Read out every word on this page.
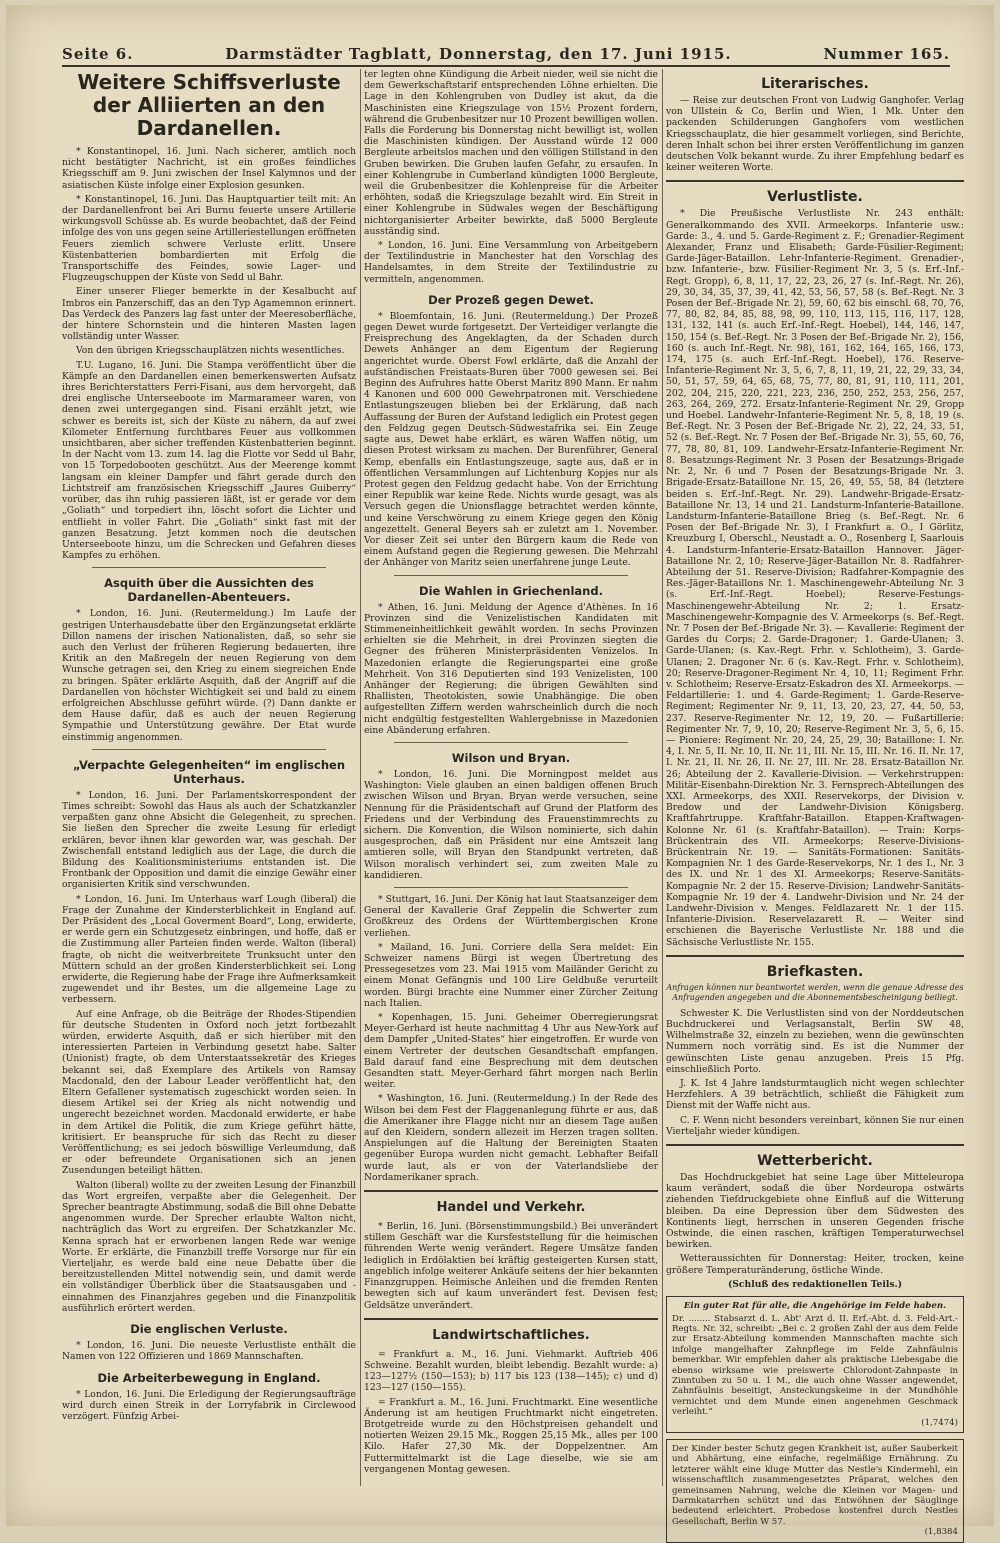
Seite 6.	Darmstädter Tagblatt, Donnerstag, den 17. Juni 1915.	Nummer 165.
Weitere Schiffsverluste der Alliierten an den Dardanellen.

* Konstantinopel, 16. Juni. Nach sicherer, amtlich noch nicht bestätigter Nachricht, ist ein großes feindliches Kriegsschiff am 9. Juni zwischen der Insel Kalymnos und der asiatischen Küste infolge einer Explosion gesunken.

* Konstantinopel, 16. Juni. Das Hauptquartier teilt mit: An der Dardanellenfront bei Ari Burnu feuerte unsere Artillerie wirkungsvoll Schüsse ab. Es wurde beobachtet, daß der Feind infolge des von uns gegen seine Artilleriestellungen eröffneten Feuers ziemlich schwere Verluste erlitt. Unsere Küstenbatterien bombardierten mit Erfolg die Transportschiffe des Feindes, sowie Lager- und Flugzeugschuppen der Küste von Sedd ul Bahr.

Einer unserer Flieger bemerkte in der Kesalbucht auf Imbros ein Panzerschiff, das an den Typ Agamemnon erinnert. Das Verdeck des Panzers lag fast unter der Meeresoberfläche, der hintere Schornstein und die hinteren Masten lagen vollständig unter Wasser.

Von den übrigen Kriegsschauplätzen nichts wesentliches.

T.U. Lugano, 16. Juni. Die Stampa veröffentlicht über die Kämpfe an den Dardanellen einen bemerkenswerten Aufsatz ihres Berichterstatters Ferri-Fisani, aus dem hervorgeht, daß drei englische Unterseeboote im Marmarameer waren, von denen zwei untergegangen sind. Fisani erzählt jetzt, wie schwer es bereits ist, sich der Küste zu nähern, da auf zwei Kilometer Entfernung furchtbares Feuer aus vollkommen unsichtbaren, aber sicher treffenden Küstenbatterien beginnt. In der Nacht vom 13. zum 14. lag die Flotte vor Sedd ul Bahr, von 15 Torpedobooten geschützt. Aus der Meerenge kommt langsam ein kleiner Dampfer und fährt gerade durch den Lichtstreif am französischen Kriegsschiff „Jaures Guiberry“ vorüber, das ihn ruhig passieren läßt, ist er gerade vor dem „Goliath“ und torpediert ihn, löscht sofort die Lichter und entflieht in voller Fahrt. Die „Goliath“ sinkt fast mit der ganzen Besatzung. Jetzt kommen noch die deutschen Unterseeboote hinzu, um die Schrecken und Gefahren dieses Kampfes zu erhöhen.

Asquith über die Aussichten des Dardanellen-Abenteuers.

* London, 16. Juni. (Reutermeldung.) Im Laufe der gestrigen Unterhausdebatte über den Ergänzungsetat erklärte Dillon namens der irischen Nationalisten, daß, so sehr sie auch den Verlust der früheren Regierung bedauerten, ihre Kritik an den Maßregeln der neuen Regierung von dem Wunsche getragen sei, den Krieg zu einem siegreichen Ende zu bringen. Später erklärte Asquith, daß der Angriff auf die Dardanellen von höchster Wichtigkeit sei und bald zu einem erfolgreichen Abschlusse geführt würde. (?) Dann dankte er dem Hause dafür, daß es auch der neuen Regierung Sympathie und Unterstützung gewähre. Der Etat wurde einstimmig angenommen.

„Verpachte Gelegenheiten“ im englischen Unterhaus.

* London, 16. Juni. Der Parlamentskorrespondent der Times schreibt: Sowohl das Haus als auch der Schatzkanzler verpaßten ganz ohne Absicht die Gelegenheit, zu sprechen. Sie ließen den Sprecher die zweite Lesung für erledigt erklären, bevor ihnen klar geworden war, was geschah. Der Zwischenfall entstand lediglich aus der Lage, die durch die Bildung des Koalitionsministeriums entstanden ist. Die Frontbank der Opposition und damit die einzige Gewähr einer organisierten Kritik sind verschwunden.

* London, 16. Juni. Im Unterhaus warf Lough (liberal) die Frage der Zunahme der Kindersterblichkeit in England auf. Der Präsident des „Local Goverment Board“, Long, erwiderte, er werde gern ein Schutzgesetz einbringen, und hoffe, daß er die Zustimmung aller Parteien finden werde. Walton (liberal) fragte, ob nicht die weitverbreitete Trunksucht unter den Müttern schuld an der großen Kindersterblichkeit sei. Long erwiderte, die Regierung habe der Frage ihre Aufmerksamkeit zugewendet und ihr Bestes, um die allgemeine Lage zu verbessern.

Auf eine Anfrage, ob die Beiträge der Rhodes-Stipendien für deutsche Studenten in Oxford noch jetzt fortbezahlt würden, erwiderte Asquith, daß er sich hierüber mit den interessierten Parteien in Verbindung gesetzt habe. Salter (Unionist) fragte, ob dem Unterstaatssekretär des Krieges bekannt sei, daß Exemplare des Artikels von Ramsay Macdonald, den der Labour Leader veröffentlicht hat, den Eltern Gefallener systematisch zugeschickt worden seien. In diesem Artikel sei der Krieg als nicht notwendig und ungerecht bezeichnet worden. Macdonald erwiderte, er habe in dem Artikel die Politik, die zum Kriege geführt hätte, kritisiert. Er beanspruche für sich das Recht zu dieser Veröffentlichung; es sei jedoch böswillige Verleumdung, daß er oder befreundete Organisationen sich an jenen Zusendungen beteiligt hätten.

Walton (liberal) wollte zu der zweiten Lesung der Finanzbill das Wort ergreifen, verpaßte aber die Gelegenheit. Der Sprecher beantragte Abstimmung, sodaß die Bill ohne Debatte angenommen wurde. Der Sprecher erlaubte Walton nicht, nachträglich das Wort zu ergreifen. Der Schatzkanzler Mc. Kenna sprach hat er erworbenen langen Rede war wenige Worte. Er erklärte, die Finanzbill treffe Vorsorge nur für ein Vierteljahr, es werde bald eine neue Debatte über die bereitzustellenden Mittel notwendig sein, und damit werde ein vollständiger Überblick über die Staatsausgaben und -einnahmen des Finanzjahres gegeben und die Finanzpolitik ausführlich erörtert werden.

Die englischen Verluste.

* London, 16. Juni. Die neueste Verlustliste enthält die Namen von 122 Offizieren und 1869 Mannschaften.

Die Arbeiterbewegung in England.

* London, 16. Juni. Die Erledigung der Regierungsaufträge wird durch einen Streik in der Lorryfabrik in Circlewood verzögert. Fünfzig Arbei-

ter legten ohne Kündigung die Arbeit nieder, weil sie nicht die dem Gewerkschaftstarif entsprechenden Löhne erhielten. Die Lage in den Kohlengruben von Dudley ist akut, da die Maschinisten eine Kriegszulage von 15½ Prozent fordern, während die Grubenbesitzer nur 10 Prozent bewilligen wollen. Falls die Forderung bis Donnerstag nicht bewilligt ist, wollen die Maschinisten kündigen. Der Ausstand würde 12 000 Bergleute arbeitslos machen und den völligen Stillstand in den Gruben bewirken. Die Gruben laufen Gefahr, zu ersaufen. In einer Kohlengrube in Cumberland kündigten 1000 Bergleute, weil die Grubenbesitzer die Kohlenpreise für die Arbeiter erhöhten, sodaß die Kriegszulage bezahlt wird. Ein Streit in einer Kohlengrube in Südwales wegen der Beschäftigung nichtorganisierter Arbeiter bewirkte, daß 5000 Bergleute ausständig sind.

* London, 16. Juni. Eine Versammlung von Arbeitgebern der Textilindustrie in Manchester hat den Vorschlag des Handelsamtes, in dem Streite der Textilindustrie zu vermitteln, angenommen.

Der Prozeß gegen Dewet.

* Bloemfontain, 16. Juni. (Reutermeldung.) Der Prozeß gegen Dewet wurde fortgesetzt. Der Verteidiger verlangte die Freisprechung des Angeklagten, da der Schaden durch Dewets Anhänger an dem Eigentum der Regierung angerichtet wurde. Oberst Fowl erklärte, daß die Anzahl der aufständischen Freistaats-Buren über 7000 gewesen sei. Bei Beginn des Aufruhres hatte Oberst Maritz 890 Mann. Er nahm 4 Kanonen und 600 000 Gewehrpatronen mit. Verschiedene Entlastungszeugen blieben bei der Erklärung, daß nach Auffassung der Buren der Aufstand lediglich ein Protest gegen den Feldzug gegen Deutsch-Südwestafrika sei. Ein Zeuge sagte aus, Dewet habe erklärt, es wären Waffen nötig, um diesen Protest wirksam zu machen. Der Burenführer, General Kemp, ebenfalls ein Entlastungszeuge, sagte aus, daß er in öffentlichen Versammlungen auf Lichtenburg Kopjes nur als Protest gegen den Feldzug gedacht habe. Von der Errichtung einer Republik war keine Rede. Nichts wurde gesagt, was als Versuch gegen die Unionsflagge betrachtet werden könnte, und keine Verschwörung zu einem Kriege gegen den König angezettelt. General Beyers sah er zuletzt am 1. November. Vor dieser Zeit sei unter den Bürgern kaum die Rede von einem Aufstand gegen die Regierung gewesen. Die Mehrzahl der Anhänger von Maritz seien unerfahrene junge Leute.

Die Wahlen in Griechenland.

* Athen, 16. Juni. Meldung der Agence d'Athènes. In 16 Provinzen sind die Venizelistischen Kandidaten mit Stimmeneinheitlichkeit gewählt worden. In sechs Provinzen erhielten sie die Mehrheit, in drei Provinzen siegten die Gegner des früheren Ministerpräsidenten Venizelos. In Mazedonien erlangte die Regierungspartei eine große Mehrheit. Von 316 Deputierten sind 193 Venizelisten, 100 Anhänger der Regierung; die übrigen Gewählten sind Rhallisten, Theotokisten, sowie Unabhängige. Die oben aufgestellten Ziffern werden wahrscheinlich durch die noch nicht endgültig festgestellten Wahlergebnisse in Mazedonien eine Abänderung erfahren.

Wilson und Bryan.

* London, 16. Juni. Die Morningpost meldet aus Washington: Viele glauben an einen baldigen offenen Bruch zwischen Wilson und Bryan. Bryan werde versuchen, seine Nennung für die Präsidentschaft auf Grund der Platform des Friedens und der Verbindung des Frauenstimmrechts zu sichern. Die Konvention, die Wilson nominierte, sich dahin ausgesprochen, daß ein Präsident nur eine Amtszeit lang amtieren solle, will Bryan den Standpunkt vertreten, daß Wilson moralisch verhindert sei, zum zweiten Male zu kandidieren.

* Stuttgart, 16. Juni. Der König hat laut Staatsanzeiger dem General der Kavallerie Graf Zeppelin die Schwerter zum Großkreuz des Ordens der Württembergischen Krone verliehen.

* Mailand, 16. Juni. Corriere della Sera meldet: Ein Schweizer namens Bürgi ist wegen Übertretung des Pressegesetzes vom 23. Mai 1915 vom Mailänder Gericht zu einem Monat Gefängnis und 100 Lire Geldbuße verurteilt worden. Bürgi brachte eine Nummer einer Zürcher Zeitung nach Italien.

* Kopenhagen, 15. Juni. Geheimer Oberregierungsrat Meyer-Gerhard ist heute nachmittag 4 Uhr aus New-York auf dem Dampfer „United-States“ hier eingetroffen. Er wurde von einem Vertreter der deutschen Gesandtschaft empfangen. Bald darauf fand eine Besprechung mit dem deutschen Gesandten statt. Meyer-Gerhard fährt morgen nach Berlin weiter.

* Washington, 16. Juni. (Reutermeldung.) In der Rede des Wilson bei dem Fest der Flaggenanlegung führte er aus, daß die Amerikaner ihre Flagge nicht nur an diesem Tage außen auf den Kleidern, sondern allezeit im Herzen tragen sollten. Anspielungen auf die Haltung der Bereinigten Staaten gegenüber Europa wurden nicht gemacht. Lebhafter Beifall wurde laut, als er von der Vaterlandsliebe der Nordamerikaner sprach.

Handel und Verkehr.

* Berlin, 16. Juni. (Börsenstimmungsbild.) Bei unverändert stillem Geschäft war die Kursfeststellung für die heimischen führenden Werte wenig verändert. Regere Umsätze fanden lediglich in Erdölaktien bei kräftig gesteigerten Kursen statt, angeblich infolge weiterer Ankäufe seitens der hier bekannten Finanzgruppen. Heimische Anleihen und die fremden Renten bewegten sich auf kaum unverändert fest. Devisen fest; Geldsätze unverändert.

Landwirtschaftliches.

= Frankfurt a. M., 16. Juni. Viehmarkt. Auftrieb 406 Schweine. Bezahlt wurden, bleibt lebendig. Bezahlt wurde: a) 123—127½ (150—153); b) 117 bis 123 (138—145); c) und d) 123—127 (150—155).

= Frankfurt a. M., 16. Juni. Fruchtmarkt. Eine wesentliche Änderung ist am heutigen Fruchtmarkt nicht eingetreten. Brotgetreide wurde zu den Höchstpreisen gehandelt und notierten Weizen 29.15 Mk., Roggen 25,15 Mk., alles per 100 Kilo. Hafer 27,30 Mk. der Doppelzentner. Am Futtermittelmarkt ist die Lage dieselbe, wie sie am vergangenen Montag gewesen.

Literarisches.

— Reise zur deutschen Front von Ludwig Ganghofer. Verlag von Ullstein & Co, Berlin und Wien, 1 Mk. Unter den packenden Schilderungen Ganghofers vom westlichen Kriegsschauplatz, die hier gesammelt vorliegen, sind Berichte, deren Inhalt schon bei ihrer ersten Veröffentlichung im ganzen deutschen Volk bekannt wurde. Zu ihrer Empfehlung bedarf es keiner weiteren Worte.

Verlustliste.

* Die Preußische Verlustliste Nr. 243 enthält: Generalkommando des XVII. Armeekorps. Infanterie usw.: Garde: 3., 4. und 5. Garde-Regiment z. F.; Grenadier-Regiment Alexander, Franz und Elisabeth; Garde-Füsilier-Regiment; Garde-Jäger-Bataillon. Lehr-Infanterie-Regiment. Grenadier-, bzw. Infanterie-, bzw. Füsilier-Regiment Nr. 3, 5 (s. Erf.-Inf.-Regt. Gropp), 6, 8, 11, 17, 22, 23, 26, 27 (s. Inf.-Regt. Nr. 26), 29, 30, 34, 35, 37, 39, 41, 42, 53, 56, 57, 58 (s. Bef.-Regt. Nr. 3 Posen der Bef.-Brigade Nr. 2), 59, 60, 62 bis einschl. 68, 70, 76, 77, 80, 82, 84, 85, 88, 98, 99, 110, 113, 115, 116, 117, 128, 131, 132, 141 (s. auch Erf.-Inf.-Regt. Hoebel), 144, 146, 147, 150, 154 (s. Bef.-Regt. Nr. 3 Posen der Bef.-Brigade Nr. 2), 156, 160 (s. auch Inf.-Regt. Nr. 98), 161, 162, 164, 165, 166, 173, 174, 175 (s. auch Erf.-Inf.-Regt. Hoebel), 176. Reserve-Infanterie-Regiment Nr. 3, 5, 6, 7, 8, 11, 19, 21, 22, 29, 33, 34, 50, 51, 57, 59, 64, 65, 68, 75, 77, 80, 81, 91, 110, 111, 201, 202, 204, 215, 220, 221, 223, 236, 250, 252, 253, 256, 257, 263, 264, 269, 272. Ersatz-Infanterie-Regiment Nr. 29, Gropp und Hoebel. Landwehr-Infanterie-Regiment Nr. 5, 8, 18, 19 (s. Bef.-Regt. Nr. 3 Posen der Bef.-Brigade Nr. 2), 22, 24, 33, 51, 52 (s. Bef.-Regt. Nr. 7 Posen der Bef.-Brigade Nr. 3), 55, 60, 76, 77, 78, 80, 81, 109. Landwehr-Ersatz-Infanterie-Regiment Nr. 8. Besatzungs-Regiment Nr. 3 Posen der Besatzungs-Brigade Nr. 2, Nr. 6 und 7 Posen der Besatzungs-Brigade Nr. 3. Brigade-Ersatz-Bataillone Nr. 15, 26, 49, 55, 58, 84 (letztere beiden s. Erf.-Inf.-Regt. Nr. 29). Landwehr-Brigade-Ersatz-Bataillone Nr. 13, 14 und 21. Landsturm-Infanterie-Bataillone. Landsturm-Infanterie-Bataillone Brieg (s. Bef.-Regt. Nr. 6 Posen der Bef.-Brigade Nr. 3), I Frankfurt a. O., I Görlitz, Kreuzburg I, Oberschl., Neustadt a. O., Rosenberg I, Saarlouis 4. Landsturm-Infanterie-Ersatz-Bataillon Hannover. Jäger-Bataillone Nr. 2, 10; Reserve-Jäger-Bataillon Nr. 8. Radfahrer-Abteilung der 51. Reserve-Division; Radfahrer-Kompagnie des Res.-Jäger-Bataillons Nr. 1. Maschinengewehr-Abteilung Nr. 3 (s. Erf.-Inf.-Regt. Hoebel); Reserve-Festungs-Maschinengewehr-Abteilung Nr. 2; 1. Ersatz-Maschinengewehr-Kompagnie des V. Armeekorps (s. Bef.-Regt. Nr. 7 Posen der Bef.-Brigade Nr. 3). — Kavallerie: Regiment der Gardes du Corps; 2. Garde-Dragoner; 1. Garde-Ulanen; 3. Garde-Ulanen; (s. Kav.-Regt. Frhr. v. Schlotheim), 3. Garde-Ulanen; 2. Dragoner Nr. 6 (s. Kav.-Regt. Frhr. v. Schlotheim), 20; Reserve-Dragoner-Regiment Nr. 4, 10, 11; Regiment Frhr. v. Schlotheim; Reserve-Ersatz-Eskadron des XI. Armeekorps. — Feldartillerie: 1. und 4. Garde-Regiment; 1. Garde-Reserve-Regiment; Regimenter Nr. 9, 11, 13, 20, 23, 27, 44, 50, 53, 237. Reserve-Regimenter Nr. 12, 19, 20. — Fußartillerie: Regimenter Nr. 7, 9, 10, 20; Reserve-Regiment Nr. 3, 5, 6, 15. — Pioniere: Regiment Nr. 20, 24, 25, 29, 30; Bataillone: I. Nr. 4, I. Nr. 5, II. Nr. 10, II. Nr. 11, III. Nr. 15, III. Nr. 16. II. Nr. 17, I. Nr. 21, II. Nr. 26, II. Nr. 27, III. Nr. 28. Ersatz-Bataillon Nr. 26; Abteilung der 2. Kavallerie-Division. — Verkehrstruppen: Militär-Eisenbahn-Direktion Nr. 3. Fernsprech-Abteilungen des XXI. Armeekorps, des XXII. Reservekorps, der Division v. Bredow und der Landwehr-Division Königsberg. Kraftfahrtruppe. Kraftfahr-Bataillon. Etappen-Kraftwagen-Kolonne Nr. 61 (s. Kraftfahr-Bataillon). — Train: Korps-Brückentrain des VII. Armeekorps; Reserve-Divisions-Brückentrain Nr. 19. — Sanitäts-Formationen: Sanitäts-Kompagnien Nr. 1 des Garde-Reservekorps, Nr. 1 des I., Nr. 3 des IX. und Nr. 1 des XI. Armeekorps; Reserve-Sanitäts-Kompagnie Nr. 2 der 15. Reserve-Division; Landwehr-Sanitäts-Kompagnie Nr. 19 der 4. Landwehr-Division und Nr. 24 der Landwehr-Division v. Menges. Feldlazarett Nr. 1 der 115. Infanterie-Division. Reservelazarett R. — Weiter sind erschienen die Bayerische Verlustliste Nr. 188 und die Sächsische Verlustliste Nr. 155.

Briefkasten.
Anfragen können nur beantwortet werden, wenn die genaue Adresse des Anfragenden angegeben und die Abonnementsbescheinigung beiliegt.

Schwester K. Die Verlustlisten sind von der Norddeutschen Buchdruckerei und Verlagsanstalt, Berlin SW 48, Wilhelmstraße 32, einzeln zu beziehen, wenn die gewünschten Nummern noch vorrätig sind. Es ist die Nummer der gewünschten Liste genau anzugeben. Preis 15 Pfg. einschließlich Porto.

J. K. Ist 4 Jahre landsturmtauglich nicht wegen schlechter Herzfehlers. A 39 beträchtlich, schließt die Fähigkeit zum Dienst mit der Waffe nicht aus.

C. F. Wenn nicht besonders vereinbart, können Sie nur einen Vierteljahr wieder kündigen.

Wetterbericht.

Das Hochdruckgebiet hat seine Lage über Mitteleuropa kaum verändert, sodaß die über Nordeuropa ostwärts ziehenden Tiefdruckgebiete ohne Einfluß auf die Witterung bleiben. Da eine Depression über dem Südwesten des Kontinents liegt, herrschen in unseren Gegenden frische Ostwinde, die einen raschen, kräftigen Temperaturwechsel bewirken.

Wetteraussichten für Donnerstag: Heiter, trocken, keine größere Temperaturänderung, östliche Winde.

(Schluß des redaktionellen Teils.)

Ein guter Rat für alle, die Angehörige im Felde haben.
Dr. ........ Stabsarzt d. L. Abt' Arzt d. II. Erf.-Abt. d. 3. Feld-Art.-Regts. Nr. 32, schreibt: „Bei c. 2 großen Zahl der aus dem Felde zur Ersatz-Abteilung kommenden Mannschaften machte sich infolge mangelhafter Zahnpflege im Felde Zahnfäulnis bemerkbar. Wir empfehlen daher als praktische Liebesgabe die ebenso wirksame wie preiswerte Chlorodont-Zahnpaste in Zinntuben zu 50 u. 1 M., die auch ohne Wasser angewendet, Zahnfäulnis beseitigt, Ansteckungskeime in der Mundhöhle vernichtet und dem Munde einen angenehmen Geschmack verleiht.“
(1,7474)
Der Kinder bester Schutz gegen Krankheit ist, außer Sauberkeit und Abhärtung, eine einfache, regelmäßige Ernährung. Zu letzterer wählt eine kluge Mutter das Nestle's Kindermehl, ein wissenschaftlich zusammengesetztes Präparat, welches den gemeinsamen Nahrung, welche die Kleinen vor Magen- und Darmkatarrhen schützt und das Entwöhnen der Säuglinge bedeutend erleichtert. Probedose kostenfrei durch Nestles Gesellschaft, Berlin W 57.
(1,8384
